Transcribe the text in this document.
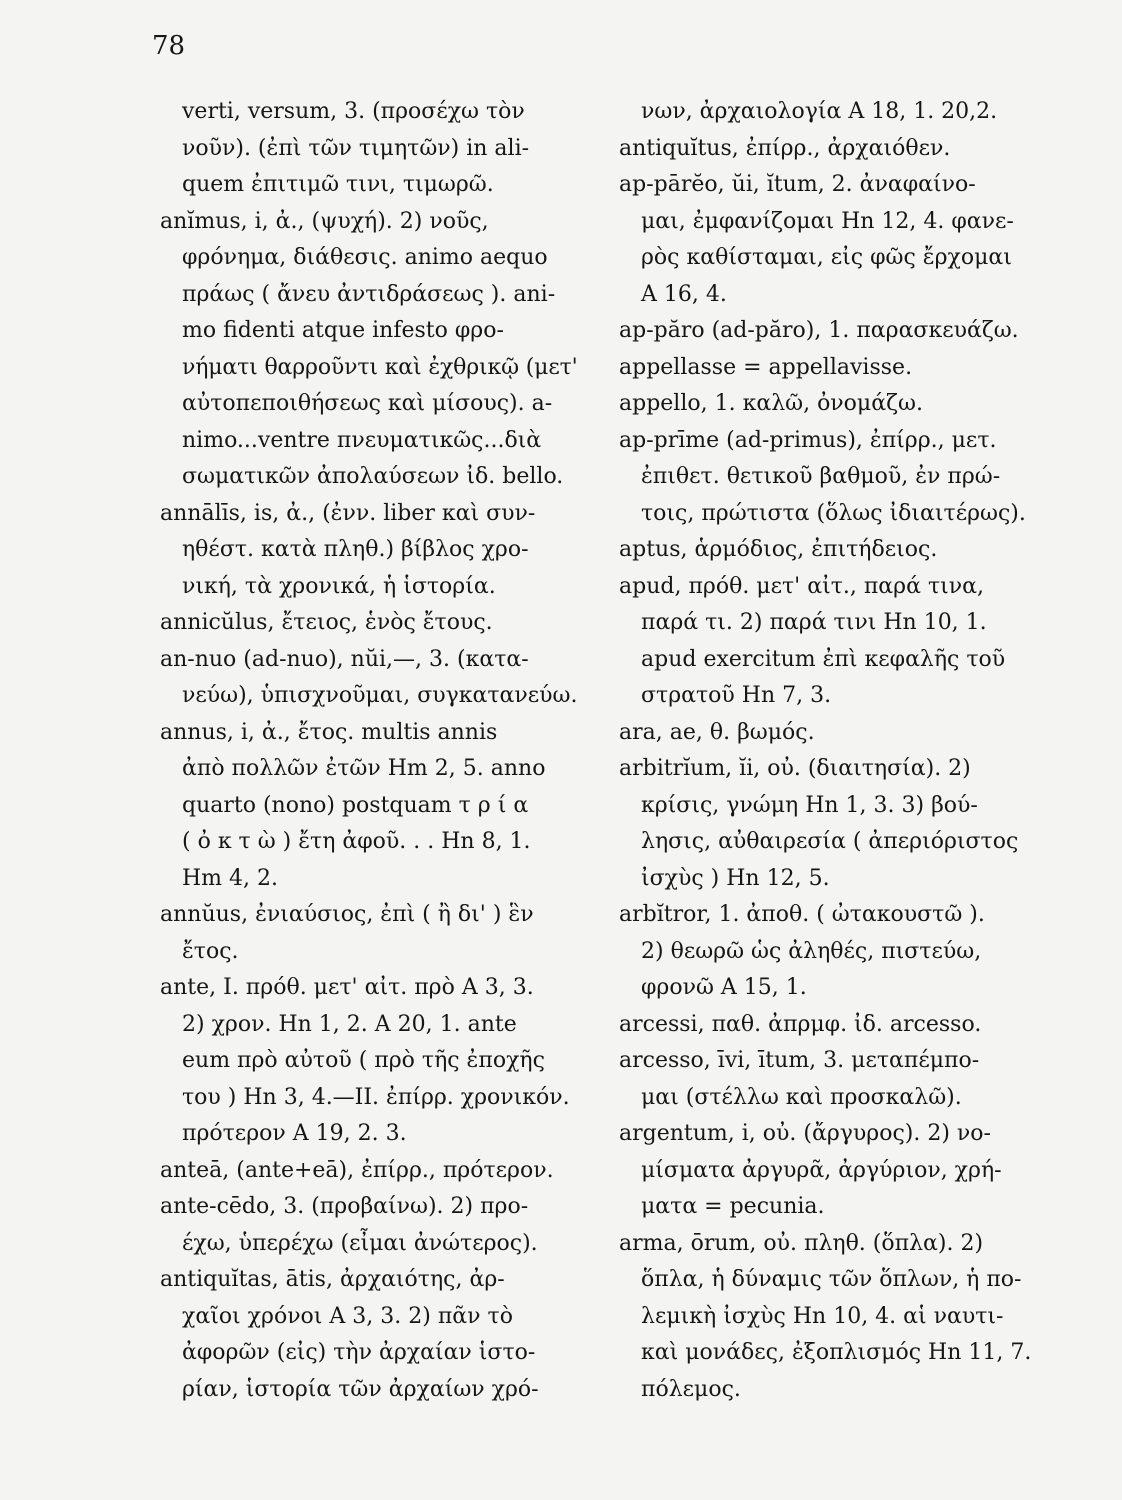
78
verti, versum, 3. (προσέχω τὸν
νοῦν). (ἐπὶ τῶν τιμητῶν) in ali-
quem ἐπιτιμῶ τινι, τιμωρῶ.
anĭmus, i, ἀ., (ψυχή). 2) νοῦς,
φρόνημα, διάθεσις. animo aequo
πράως ( ἄνευ ἀντιδράσεως ). ani-
mo fidenti atque infesto φρο-
νήματι θαρροῦντι καὶ ἐχθρικῷ (μετ'
αὐτοπεποιθήσεως καὶ μίσους). a-
nimo...ventre πνευματικῶς...διὰ
σωματικῶν ἀπολαύσεων ἰδ. bello.
annālīs, is, ἀ., (ἐνν. liber καὶ συν-
ηθέστ. κατὰ πληθ.) βίβλος χρο-
νική, τὰ χρονικά, ἡ ἱστορία.
annicŭlus, ἔτειος, ἑνὸς ἔτους.
an-nuo (ad-nuo), nŭi,—, 3. (κατα-
νεύω), ὑπισχνοῦμαι, συγκατανεύω.
annus, i, ἀ., ἔτος. multis annis
ἀπὸ πολλῶν ἐτῶν Hm 2, 5. anno
quarto (nono) postquam τ ρ ί α
( ὀ κ τ ὼ ) ἔτη ἀφοῦ. . . Hn 8, 1.
Hm 4, 2.
annŭus, ἐνιαύσιος, ἐπὶ ( ἢ δι' ) ἓν
ἔτος.
ante, I. πρόθ. μετ' αἰτ. πρὸ Α 3, 3.
2) χρον. Hn 1, 2. A 20, 1. ante
eum πρὸ αὐτοῦ ( πρὸ τῆς ἐποχῆς
του ) Hn 3, 4.—II. ἐπίρρ. χρονικόν.
πρότερον Α 19, 2. 3.
anteā, (ante+eā), ἐπίρρ., πρότερον.
ante-cēdo, 3. (προβαίνω). 2) προ-
έχω, ὑπερέχω (εἶμαι ἀνώτερος).
antiquĭtas, ātis, ἀρχαιότης, ἀρ-
χαῖοι χρόνοι Α 3, 3. 2) πᾶν τὸ
ἀφορῶν (εἰς) τὴν ἀρχαίαν ἱστο-
ρίαν, ἱστορία τῶν ἀρχαίων χρό-
νων, ἀρχαιολογία Α 18, 1. 20,2.
antiquĭtus, ἐπίρρ., ἀρχαιόθεν.
ap-pārĕo, ŭi, ĭtum, 2. ἀναφαίνο-
μαι, ἐμφανίζομαι Hn 12, 4. φανε-
ρὸς καθίσταμαι, εἰς φῶς ἔρχομαι
Α 16, 4.
ap-păro (ad-păro), 1. παρασκευάζω.
appellasse = appellavisse.
appello, 1. καλῶ, ὀνομάζω.
ap-prīme (ad-primus), ἐπίρρ., μετ.
ἐπιθετ. θετικοῦ βαθμοῦ, ἐν πρώ-
τοις, πρώτιστα (ὅλως ἰδιαιτέρως).
aptus, ἁρμόδιος, ἐπιτήδειος.
apud, πρόθ. μετ' αἰτ., παρά τινα,
παρά τι. 2) παρά τινι Hn 10, 1.
apud exercitum ἐπὶ κεφαλῆς τοῦ
στρατοῦ Hn 7, 3.
ara, ae, θ. βωμός.
arbitrĭum, ĭi, οὐ. (διαιτησία). 2)
κρίσις, γνώμη Hn 1, 3. 3) βού-
λησις, αὐθαιρεσία ( ἀπεριόριστος
ἰσχὺς ) Hn 12, 5.
arbĭtror, 1. ἀποθ. ( ὠτακουστῶ ).
2) θεωρῶ ὡς ἀληθές, πιστεύω,
φρονῶ Α 15, 1.
arcessi, παθ. ἀπρμφ. ἰδ. arcesso.
arcesso, īvi, ītum, 3. μεταπέμπο-
μαι (στέλλω καὶ προσκαλῶ).
argentum, i, οὐ. (ἄργυρος). 2) νο-
μίσματα ἀργυρᾶ, ἀργύριον, χρή-
ματα = pecunia.
arma, ōrum, οὐ. πληθ. (ὅπλα). 2)
ὅπλα, ἡ δύναμις τῶν ὅπλων, ἡ πο-
λεμικὴ ἰσχὺς Hn 10, 4. αἱ ναυτι-
καὶ μονάδες, ἐξοπλισμός Hn 11, 7.
πόλεμος.
